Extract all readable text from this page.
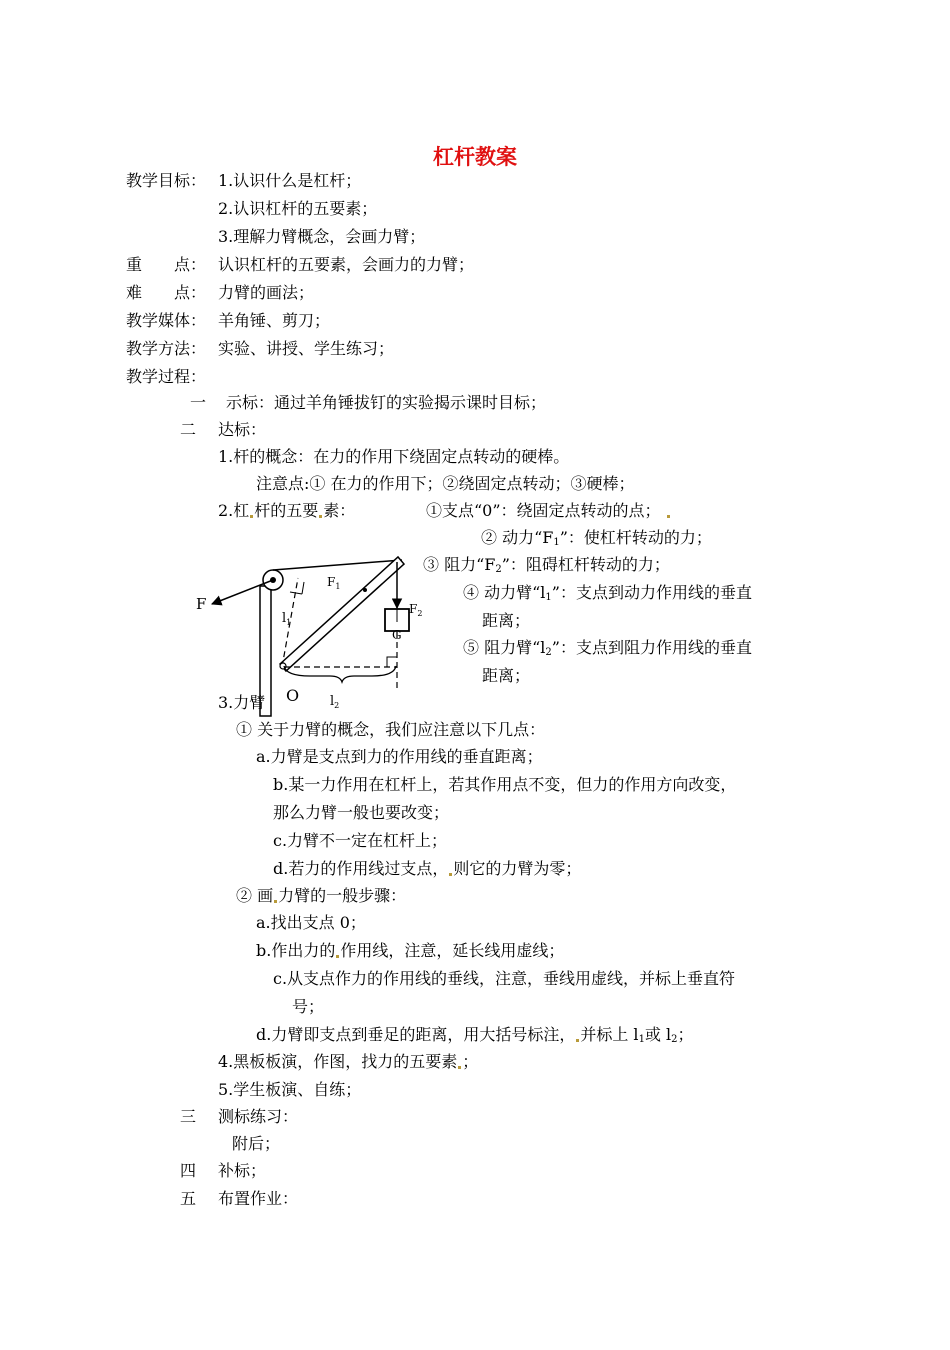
杠杆教案
教学目标： 1.认识什么是杠杆；
2.认识杠杆的五要素；
3.理解力臂概念，会画力臂；
重　　点： 认识杠杆的五要素，会画力的力臂；
难　　点： 力臂的画法；
教学媒体： 羊角锤、剪刀；
教学方法： 实验、讲授、学生练习；
教学过程：
一 示标：通过羊角锤拔钉的实验揭示课时目标；
二 达标：
1.杆的概念：在力的作用下绕固定点转动的硬棒。
注意点:① 在力的作用下；②绕固定点转动；③硬棒；
2.杠 杆的五要 素：	①支点“0”：绕固定点转动的点；
② 动力“$F_1$”：使杠杆转动的力；
③ 阻力“$F_2$”：阻碍杠杆转动的力；
④ 动力臂“$l_1$”：支点到动力作用线的垂直
距离；
⑤ 阻力臂“$l_2$”：支点到阻力作用线的垂直
距离；
F
$F_1$
$F_2$
$l_1$
G
O $l_2$
3.力臂
① 关于力臂的概念，我们应注意以下几点：
a.力臂是支点到力的作用线的垂直距离；
b.某一力作用在杠杆上，若其作用点不变，但力的作用方向改变，
那么力臂一般也要改变；
c.力臂不一定在杠杆上；
d.若力的作用线过支点， 则它的力臂为零；
② 画 力臂的一般步骤：
a.找出支点 0；
b.作出力的 作用线，注意，延长线用虚线；
c.从支点作力的作用线的垂线，注意，垂线用虚线，并标上垂直符
号；
d.力臂即支点到垂足的距离，用大括号标注， 并标上 $l_1$或 $l_2$；
4.黑板板演，作图，找力的五要素 ；
5.学生板演、自练；
三 测标练习：
附后；
四 补标；
五 布置作业：
